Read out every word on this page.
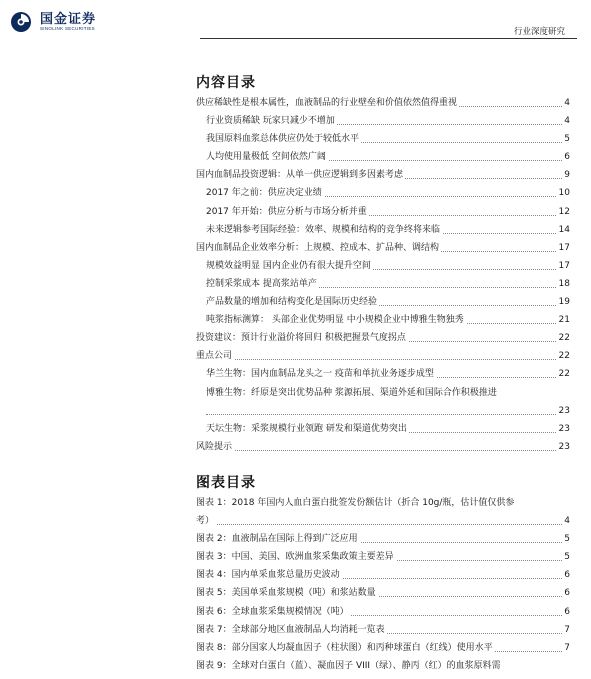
国金证券
SINOLINK SECURITIES	行业深度研究
内容目录
供应稀缺性是根本属性，血液制品的行业壁垒和价值依然值得重视	4
行业资质稀缺 玩家只减少不增加	4
我国原料血浆总体供应仍处于较低水平	5
人均使用量极低 空间依然广阔	6
国内血制品投资逻辑：从单一供应逻辑到多因素考虑	9
2017 年之前：供应决定业绩	10
2017 年开始：供应分析与市场分析并重	12
未来逻辑参考国际经验：效率、规模和结构的竞争终将来临	14
国内血制品企业效率分析：上规模、控成本、扩品种、调结构	17
规模效益明显 国内企业仍有很大提升空间	17
控制采浆成本 提高浆站单产	18
产品数量的增加和结构变化是国际历史经验	19
吨浆指标测算： 头部企业优势明显 中小规模企业中博雅生物独秀	21
投资建议：预计行业溢价将回归 积极把握景气度拐点	22
重点公司	22
华兰生物：国内血制品龙头之一 疫苗和单抗业务逐步成型	22
博雅生物：纤原是突出优势品种 浆源拓展、渠道外延和国际合作积极推进
23
天坛生物：采浆规模行业领跑 研发和渠道优势突出	23
风险提示	23
图表目录
图表 1：2018 年国内人血白蛋白批签发份额估计（折合 10g/瓶，估计值仅供参
考）	4
图表 2：血液制品在国际上得到广泛应用	5
图表 3：中国、美国、欧洲血浆采集政策主要差异	5
图表 4：国内单采血浆总量历史波动	6
图表 5：美国单采血浆规模（吨）和浆站数量	6
图表 6：全球血浆采集规模情况（吨）	6
图表 7：全球部分地区血液制品人均消耗一览表	7
图表 8：部分国家人均凝血因子（柱状图）和丙种球蛋白（红线）使用水平	7
图表 9：全球对白蛋白（蓝）、凝血因子 VIII（绿）、静丙（红）的血浆原料需
